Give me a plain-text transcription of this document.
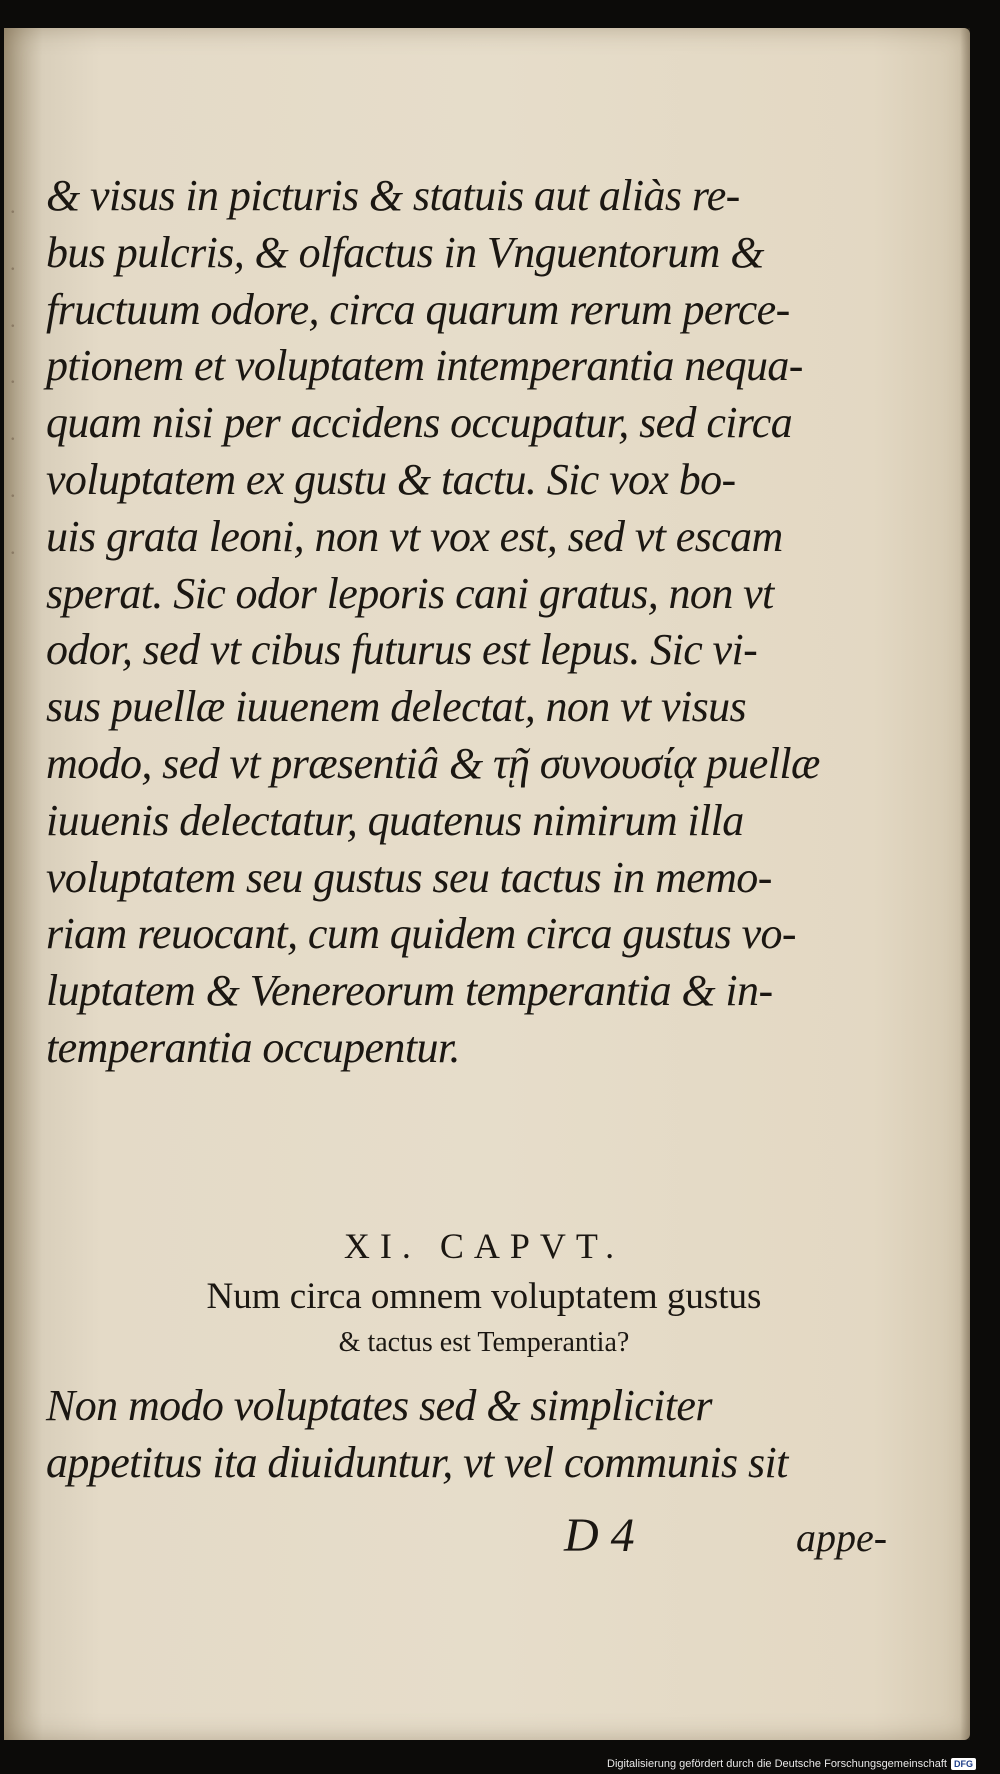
.
.
.
.
.
.
.
& visus in picturis & statuis aut aliàs re-
bus pulcris, & olfactus in Vnguentorum &
fructuum odore, circa quarum rerum perce-
ptionem et voluptatem intemperantia nequa-
quam nisi per accidens occupatur, sed circa
voluptatem ex gustu & tactu. Sic vox bo-
uis grata leoni, non vt vox est, sed vt escam
sperat. Sic odor leporis cani gratus, non vt
odor, sed vt cibus futurus est lepus. Sic vi-
sus puellæ iuuenem delectat, non vt visus
modo, sed vt præsentiâ & τῇ συνουσίᾳ puellæ
iuuenis delectatur, quatenus nimirum illa
voluptatem seu gustus seu tactus in memo-
riam reuocant, cum quidem circa gustus vo-
luptatem & Venereorum temperantia & in-
temperantia occupentur.
XI. CAPVT.
Num circa omnem voluptatem gustus
& tactus est Temperantia?
Non modo voluptates sed & simpliciter
appetitus ita diuiduntur, vt vel communis sit
D 4	appe-
Digitalisierung gefördert durch die Deutsche Forschungsgemeinschaft DFG
